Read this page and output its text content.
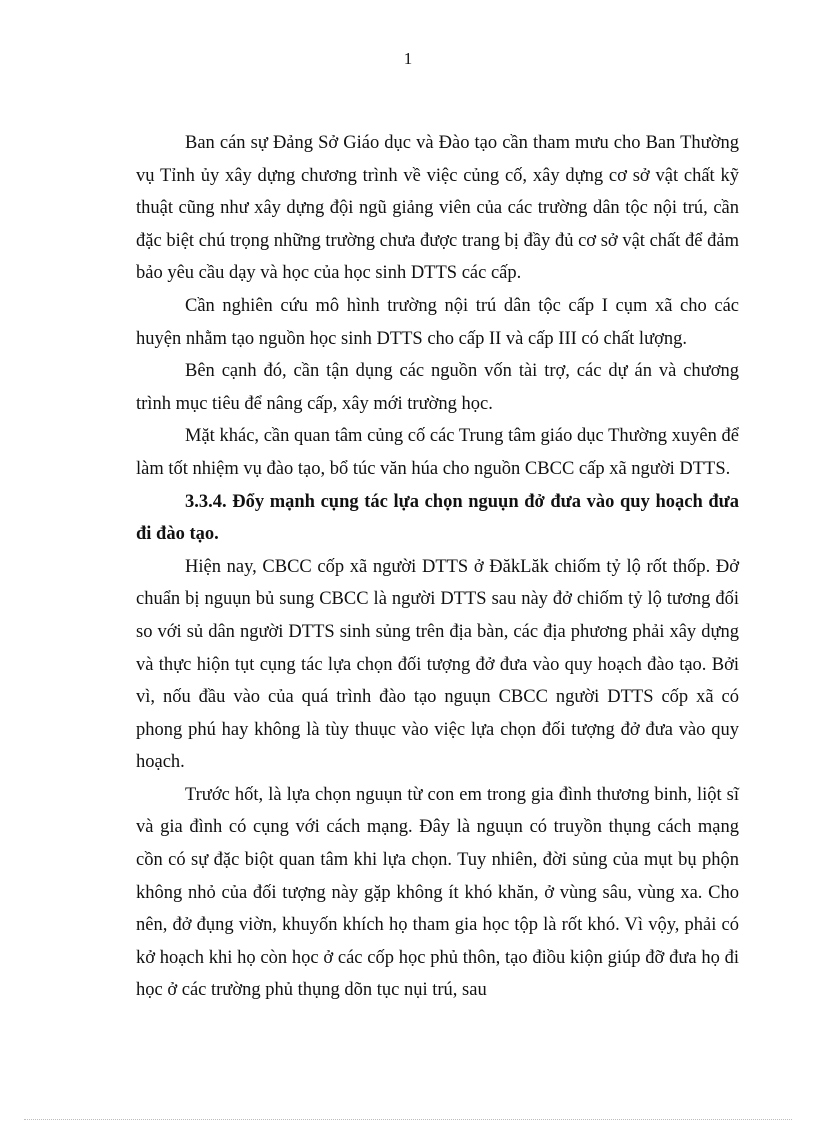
1

Ban cán sự Đảng Sở Giáo dục và Đào tạo cần tham mưu cho Ban Thường vụ Tỉnh ủy xây dựng chương trình về việc củng cố, xây dựng cơ sở vật chất kỹ thuật cũng như xây dựng đội ngũ giảng viên của các trường dân tộc nội trú, cần đặc biệt chú trọng những trường chưa được trang bị đầy đủ cơ sở vật chất để đảm bảo yêu cầu dạy và học của học sinh DTTS các cấp.

Cần nghiên cứu mô hình trường nội trú dân tộc cấp I cụm xã cho các huyện nhằm tạo nguồn học sinh DTTS cho cấp II và cấp III có chất lượng.

Bên cạnh đó, cần tận dụng các nguồn vốn tài trợ, các dự án và chương trình mục tiêu để nâng cấp, xây mới trường học.

Mặt khác, cần quan tâm củng cố các Trung tâm giáo dục Thường xuyên để làm tốt nhiệm vụ đào tạo, bổ túc văn húa cho nguồn CBCC cấp xã người DTTS.

3.3.4. Đổy mạnh cụng tác lựa chọn nguụn đở đưa vào quy hoạch đưa đi đào tạo.

Hiện nay, CBCC cốp xã người DTTS ở ĐăkLăk chiốm tỷ lộ rốt thốp. Đở chuẩn bị nguụn bủ sung CBCC là người DTTS sau này đở chiốm tỷ lộ tương đối so với sủ dân người DTTS sinh sủng trên địa bàn, các địa phương phải xây dựng và thực hiộn tụt cụng tác lựa chọn đối tượng đở đưa vào quy hoạch đào tạo. Bởi vì, nốu đầu vào của quá trình đào tạo nguụn CBCC người DTTS cốp xã có phong phú hay không là tùy thuục vào việc lựa chọn đối tượng đở đưa vào quy hoạch.

Trước hốt, là lựa chọn nguụn từ con em trong gia đình thương binh, liột sĩ và gia đình có cụng với cách mạng. Đây là nguụn có truyồn thụng cách mạng cồn có sự đặc biột quan tâm khi lựa chọn. Tuy nhiên, đời sủng của mụt bụ phộn không nhỏ của đối tượng này gặp không ít khó khăn, ở vùng sâu, vùng xa. Cho nên, đở đụng viờn, khuyốn khích họ tham gia học tộp là rốt khó. Vì vộy, phải có kở hoạch khi họ còn học ở các cốp học phủ thôn, tạo điồu kiộn giúp đỡ đưa họ đi học ở các trường phủ thụng dõn tục nụi trú, sau
